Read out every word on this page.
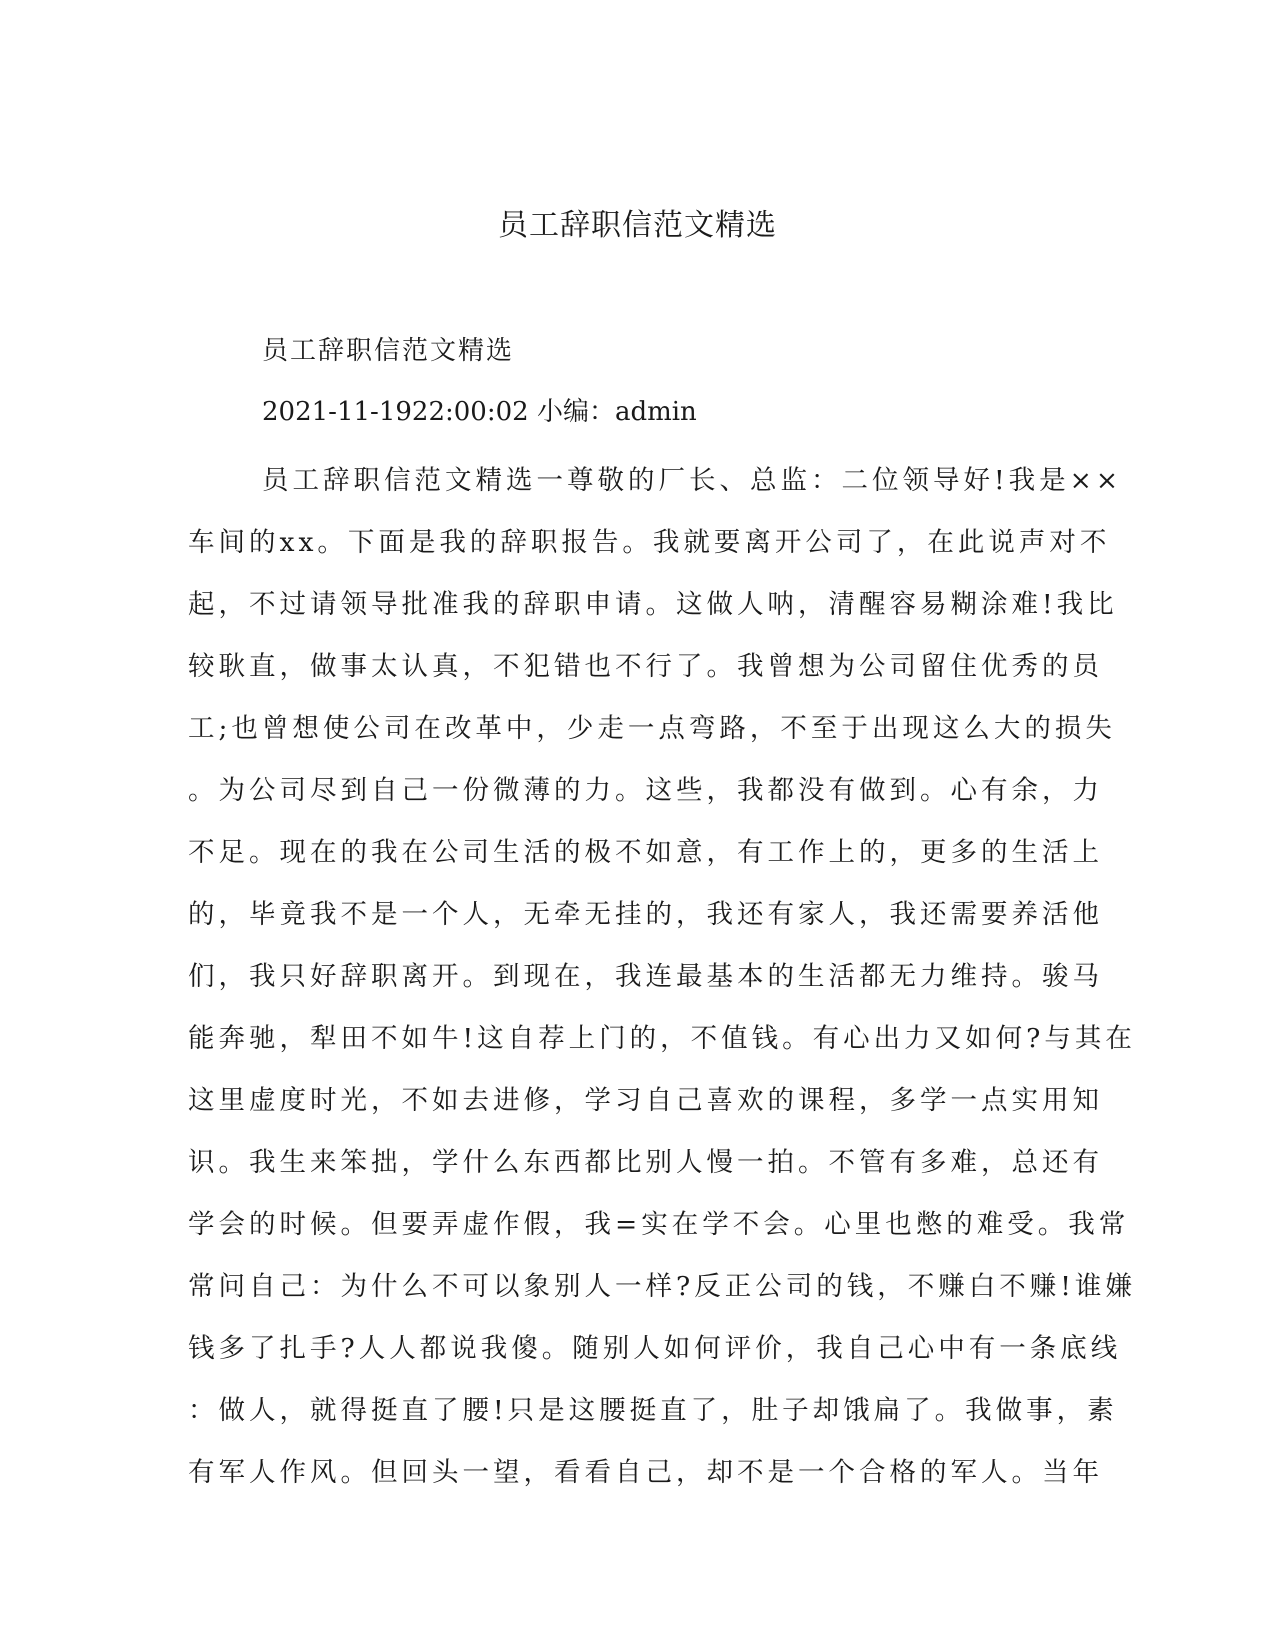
员工辞职信范文精选

员工辞职信范文精选

2021-11-1922:00:02 小编：admin

员工辞职信范文精选一尊敬的厂长、总监：二位领导好!我是××
车间的xx。下面是我的辞职报告。我就要离开公司了，在此说声对不
起，不过请领导批准我的辞职申请。这做人呐，清醒容易糊涂难!我比
较耿直，做事太认真，不犯错也不行了。我曾想为公司留住优秀的员
工;也曾想使公司在改革中，少走一点弯路，不至于出现这么大的损失
。为公司尽到自己一份微薄的力。这些，我都没有做到。心有余，力
不足。现在的我在公司生活的极不如意，有工作上的，更多的生活上
的，毕竟我不是一个人，无牵无挂的，我还有家人，我还需要养活他
们，我只好辞职离开。到现在，我连最基本的生活都无力维持。骏马
能奔驰，犁田不如牛!这自荐上门的，不值钱。有心出力又如何?与其在
这里虚度时光，不如去进修，学习自己喜欢的课程，多学一点实用知
识。我生来笨拙，学什么东西都比别人慢一拍。不管有多难，总还有
学会的时候。但要弄虚作假，我=实在学不会。心里也憋的难受。我常
常问自己：为什么不可以象别人一样?反正公司的钱，不赚白不赚!谁嫌
钱多了扎手?人人都说我傻。随别人如何评价，我自己心中有一条底线
：做人，就得挺直了腰!只是这腰挺直了，肚子却饿扁了。我做事，素
有军人作风。但回头一望，看看自己，却不是一个合格的军人。当年
